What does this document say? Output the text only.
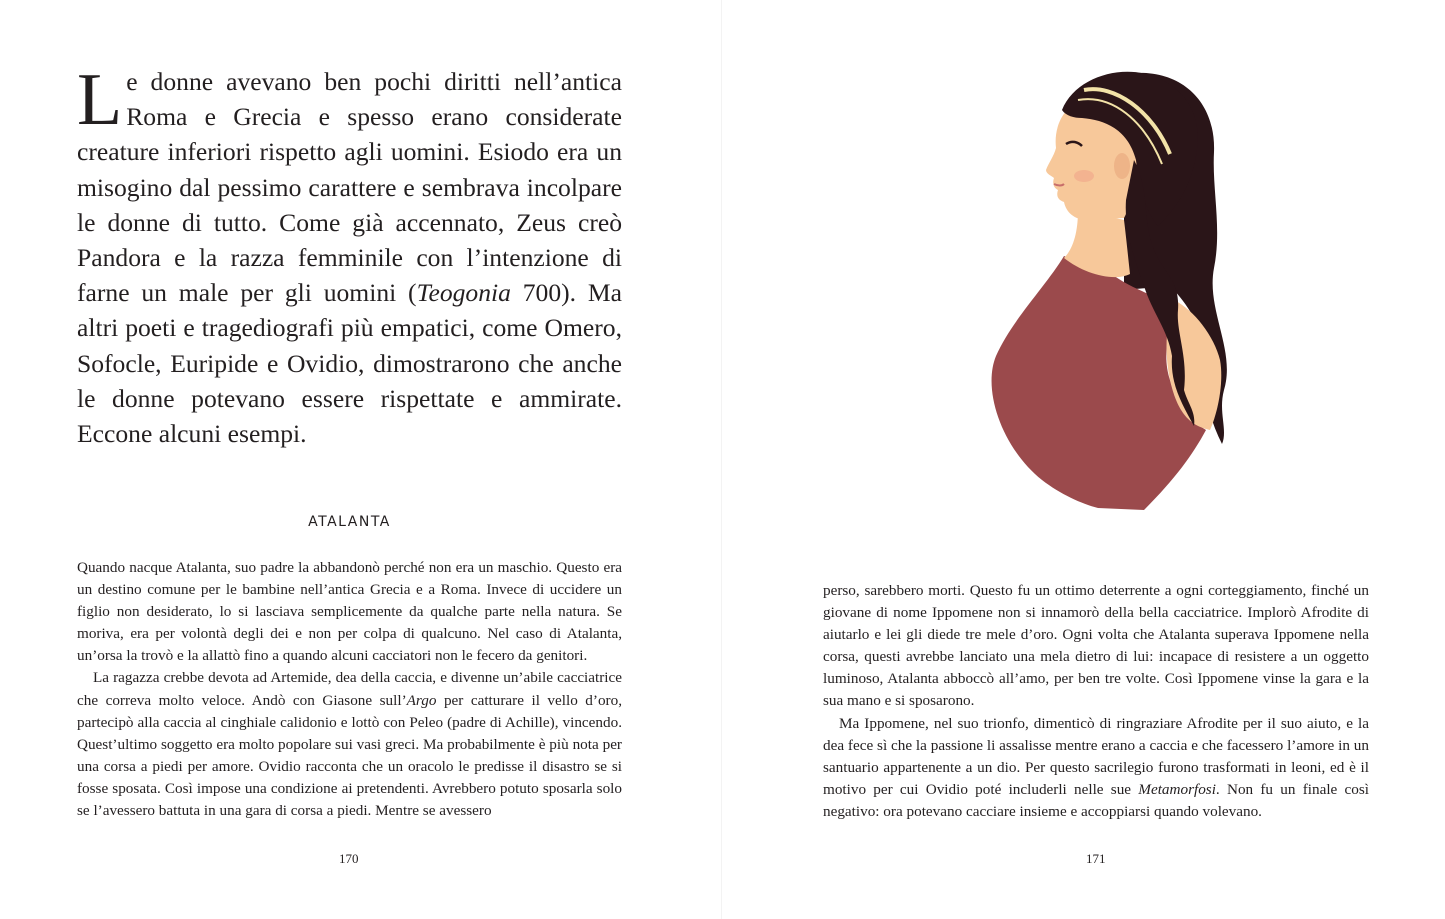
Le donne avevano ben pochi diritti nell’antica Roma e Grecia e spesso erano considerate creature inferiori rispetto agli uomini. Esiodo era un misogino dal pessimo carattere e sembrava incolpare le donne di tutto. Come già accennato, Zeus creò Pandora e la razza femminile con l’intenzione di farne un male per gli uomini (Teogonia 700). Ma altri poeti e tragediografi più empatici, come Omero, Sofocle, Euripide e Ovidio, dimostrarono che anche le donne potevano essere rispettate e ammirate. Eccone alcuni esempi.

ATALANTA

Quando nacque Atalanta, suo padre la abbandonò perché non era un maschio. Questo era un destino comune per le bambine nell’antica Grecia e a Roma. Invece di uccidere un figlio non desiderato, lo si lasciava semplicemente da qualche parte nella natura. Se moriva, era per volontà degli dei e non per colpa di qualcuno. Nel caso di Atalanta, un’orsa la trovò e la allattò fino a quando alcuni cacciatori non le fecero da genitori.

La ragazza crebbe devota ad Artemide, dea della caccia, e divenne un’abile cacciatrice che correva molto veloce. Andò con Giasone sull’Argo per catturare il vello d’oro, partecipò alla caccia al cinghiale calidonio e lottò con Peleo (padre di Achille), vincendo. Quest’ultimo soggetto era molto popolare sui vasi greci. Ma probabilmente è più nota per una corsa a piedi per amore. Ovidio racconta che un oracolo le predisse il disastro se si fosse sposata. Così impose una condizione ai pretendenti. Avrebbero potuto sposarla solo se l’avessero battuta in una gara di corsa a piedi. Mentre se avessero

170

perso, sarebbero morti. Questo fu un ottimo deterrente a ogni corteggiamento, finché un giovane di nome Ippomene non si innamorò della bella cacciatrice. Implorò Afrodite di aiutarlo e lei gli diede tre mele d’oro. Ogni volta che Atalanta superava Ippomene nella corsa, questi avrebbe lanciato una mela dietro di lui: incapace di resistere a un oggetto luminoso, Atalanta abboccò all’amo, per ben tre volte. Così Ippomene vinse la gara e la sua mano e si sposarono.

Ma Ippomene, nel suo trionfo, dimenticò di ringraziare Afrodite per il suo aiuto, e la dea fece sì che la passione li assalisse mentre erano a caccia e che facessero l’amore in un santuario appartenente a un dio. Per questo sacrilegio furono trasformati in leoni, ed è il motivo per cui Ovidio poté includerli nelle sue Metamorfosi. Non fu un finale così negativo: ora potevano cacciare insieme e accoppiarsi quando volevano.

171
